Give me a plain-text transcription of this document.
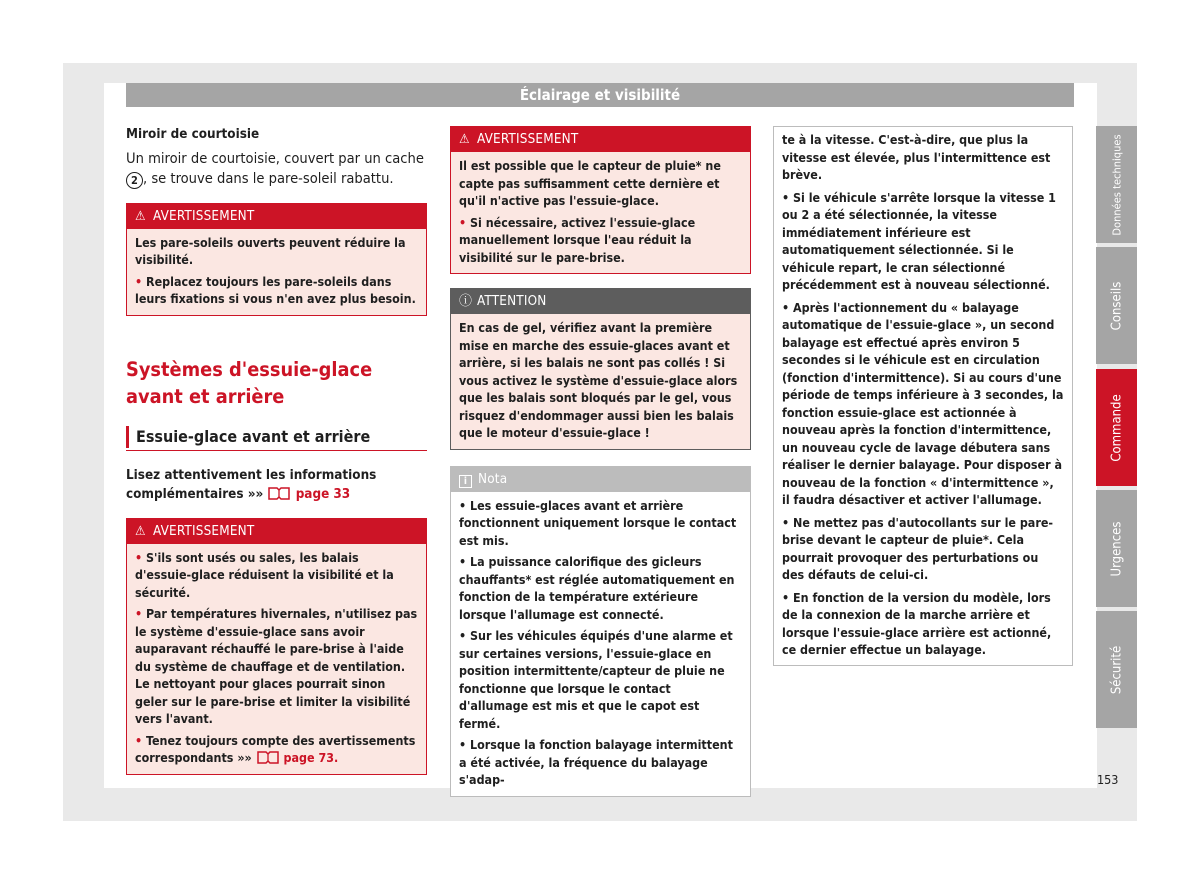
Éclairage et visibilité
Miroir de courtoisie
Un miroir de courtoisie, couvert par un cache 2 , se trouve dans le pare-soleil rabattu.
⚠ AVERTISSEMENT

Les pare-soleils ouverts peuvent réduire la visibilité.

• Replacez toujours les pare-soleils dans leurs fixations si vous n'en avez plus besoin.

Systèmes d'essuie-glace avant et arrière
Essuie-glace avant et arrière
Lisez attentivement les informations complémentaires »» page 33
⚠ AVERTISSEMENT

• S'ils sont usés ou sales, les balais d'essuie-glace réduisent la visibilité et la sécurité.

• Par températures hivernales, n'utilisez pas le système d'essuie-glace sans avoir auparavant réchauffé le pare-brise à l'aide du système de chauffage et de ventilation. Le nettoyant pour glaces pourrait sinon geler sur le pare-brise et limiter la visibilité vers l'avant.

• Tenez toujours compte des avertissements correspondants »»	page 73.

⚠ AVERTISSEMENT

Il est possible que le capteur de pluie* ne capte pas suffisamment cette dernière et qu'il n'active pas l'essuie-glace.

• Si nécessaire, activez l'essuie-glace manuellement lorsque l'eau réduit la visibilité sur le pare-brise.

ⓘ ATTENTION

En cas de gel, vérifiez avant la première mise en marche des essuie-glaces avant et arrière, si les balais ne sont pas collés ! Si vous activez le système d'essuie-glace alors que les balais sont bloqués par le gel, vous risquez d'endommager aussi bien les balais que le moteur d'essuie-glace !

i Nota

• Les essuie-glaces avant et arrière fonctionnent uniquement lorsque le contact est mis.

• La puissance calorifique des gicleurs chauffants* est réglée automatiquement en fonction de la température extérieure lorsque l'allumage est connecté.

• Sur les véhicules équipés d'une alarme et sur certaines versions, l'essuie-glace en position intermittente/capteur de pluie ne fonctionne que lorsque le contact d'allumage est mis et que le capot est fermé.

• Lorsque la fonction balayage intermittent a été activée, la fréquence du balayage s'adap-

te à la vitesse. C'est-à-dire, que plus la vitesse est élevée, plus l'intermittence est brève.

• Si le véhicule s'arrête lorsque la vitesse 1 ou 2 a été sélectionnée, la vitesse immédiatement inférieure est automatiquement sélectionnée. Si le véhicule repart, le cran sélectionné précédemment est à nouveau sélectionné.

• Après l'actionnement du « balayage automatique de l'essuie-glace », un second balayage est effectué après environ 5 secondes si le véhicule est en circulation (fonction d'intermittence). Si au cours d'une période de temps inférieure à 3 secondes, la fonction essuie-glace est actionnée à nouveau après la fonction d'intermittence, un nouveau cycle de lavage débutera sans réaliser le dernier balayage. Pour disposer à nouveau de la fonction « d'intermittence », il faudra désactiver et activer l'allumage.

• Ne mettez pas d'autocollants sur le pare-brise devant le capteur de pluie*. Cela pourrait provoquer des perturbations ou des défauts de celui-ci.

• En fonction de la version du modèle, lors de la connexion de la marche arrière et lorsque l'essuie-glace arrière est actionné, ce dernier effectue un balayage.

Données techniques
Conseils
Commande
Urgences
Sécurité
153
